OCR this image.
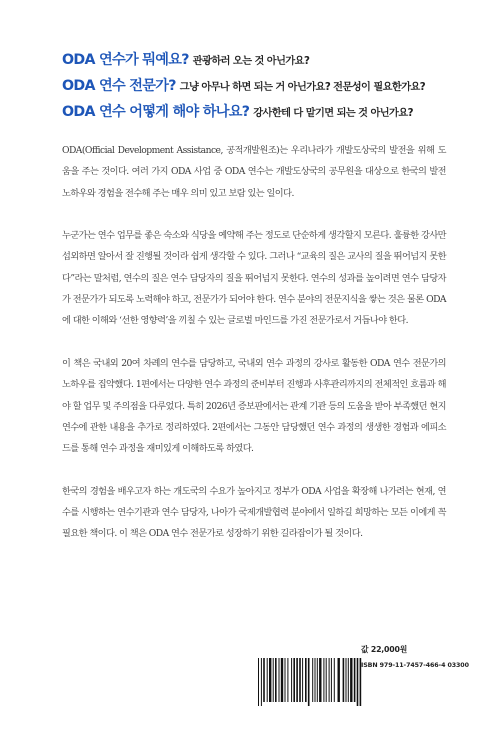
ODA 연수가 뭐예요? 관광하러 오는 것 아닌가요?
ODA 연수 전문가? 그냥 아무나 하면 되는 거 아닌가요? 전문성이 필요한가요?
ODA 연수 어떻게 해야 하나요? 강사한테 다 맡기면 되는 것 아닌가요?

ODA(Official Development Assistance, 공적개발원조)는 우리나라가 개발도상국의 발전을 위해 도움을 주는 것이다. 여러 가지 ODA 사업 중 ODA 연수는 개발도상국의 공무원을 대상으로 한국의 발전 노하우와 경험을 전수해 주는 매우 의미 있고 보람 있는 일이다.

누군가는 연수 업무를 좋은 숙소와 식당을 예약해 주는 정도로 단순하게 생각할지 모른다. 훌륭한 강사만 섭외하면 알아서 잘 진행될 것이라 쉽게 생각할 수 있다. 그러나 “교육의 질은 교사의 질을 뛰어넘지 못한다”라는 말처럼, 연수의 질은 연수 담당자의 질을 뛰어넘지 못한다. 연수의 성과를 높이려면 연수 담당자가 전문가가 되도록 노력해야 하고, 전문가가 되어야 한다. 연수 분야의 전문지식을 쌓는 것은 물론 ODA에 대한 이해와 ‘선한 영향력’을 끼칠 수 있는 글로벌 마인드를 가진 전문가로서 거듭나야 한다.

이 책은 국내외 20여 차례의 연수를 담당하고, 국내외 연수 과정의 강사로 활동한 ODA 연수 전문가의 노하우를 집약했다. 1편에서는 다양한 연수 과정의 준비부터 진행과 사후관리까지의 전체적인 흐름과 해야 할 업무 및 주의점을 다루었다. 특히 2026년 증보판에서는 관계 기관 등의 도움을 받아 부족했던 현지연수에 관한 내용을 추가로 정리하였다. 2편에서는 그동안 담당했던 연수 과정의 생생한 경험과 에피소드를 통해 연수 과정을 재미있게 이해하도록 하였다.

한국의 경험을 배우고자 하는 개도국의 수요가 높아지고 정부가 ODA 사업을 확장해 나가려는 현재, 연수를 시행하는 연수기관과 연수 담당자, 나아가 국제개발협력 분야에서 일하길 희망하는 모든 이에게 꼭 필요한 책이다. 이 책은 ODA 연수 전문가로 성장하기 위한 길라잡이가 될 것이다.

값 22,000원
ISBN 979-11-7457-466-4 03300
